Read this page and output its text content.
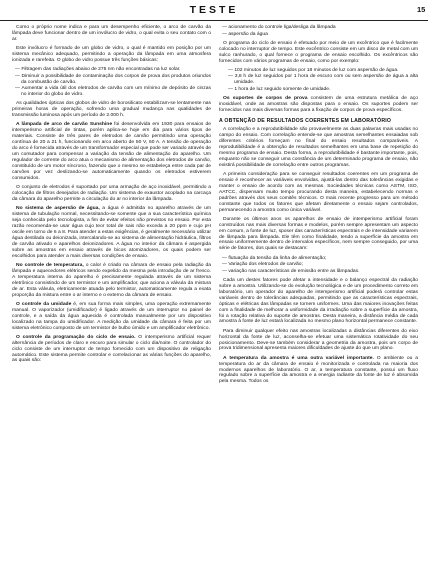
TESTE	15

Como o próprio nome indica e para um desempenho eficiente, o arco de carvão da lâmpada deve funcionar dentro de um invólucro de vidro, o qual evita o seu contato com o ar.

Este invólucro é formado de um globo de vidro, o qual é mantido em posição por um sistema mecânico adequado, permitindo a operação da lâmpada em uma atmosfera ionizada e rarefeita. O globo de vidro possue três funções básicas:

— Filtragem das radiações abaixo de 275 nm não encontradas na luz solar.
— Diminuir a possibilidade de contaminação dos corpos de prova dos produtos oriundos da combustão de carvão.
— Aumentar a vida útil dos eletrodos de carvão com um mínimo de depósito de cinzas no interior do globo de vidro.

As qualidades ópticas dos globos de vidro de borosilicato estabilizam-se lentamente nas primeiras horas de operação, sofrendo uma gradual mudança nas qualidades de transmissão luminosa após um período de 2.000 h.

A lâmpada de arco de carvão Sunshine foi desenvolvida em 1930 para ensaios de intemperismo artificial de tintas, porém aplica-se hoje em dia para vários tipos de materiais. Consiste de três pares de eletrodos de carvão permitindo uma operação contínua de 20 a 21 h, funcionando em arco aberto de 50 V, 60 A. A tensão de operação do arco é fornecida através de um transformador especial que pode ser variado através de um comutador para compensar a variação da tensão de alimentação do aparelho. Um regulador de corrente do arco atua o mecanismo de alimentação dos eletrodos de carvão, constituído de um motor síncrono, fazendo que o mesmo se estabeleça entre cada par de carvões por vez deslizando-se automaticamente quando os eletrodos estiverem consumidos.

O conjunto de eletrodos é suportado por uma armação de aço inoxidável, permitindo a colocação de filtros desejados de radiação. Um sistema de exaustor acoplado na carcaça da câmara do aparelho permite a circulação do ar no interior da lâmpada.

No sistema de aspersão de água, a água é admitida no aparelho através de um sistema de tubulação normal, necessitando-se somente que a sua característica química seja conhecida pelo tecnologista, a fim de evitar efeitos não previstos no ensaio. Por esta razão recomenda-se usar água cujo teor total de sais não exceda a 20 ppm e cujo pH oscile em torno de 6 a 8. Para atender a estas exigências, é geralmente necessário utilizar água destilada ou deionizada, intercalando-se ao sistema de alimentação hidráulica, filtros de carvão ativado e aparelhos deionizadores. A água no interior da câmara é aspergida sobre as amostras em ensaio através de bicos atomizadores, os quais podem ser escolhidos para atender a mais diversas condições de ensaio.

No controle de temperatura, o calor é criado na câmara de ensaio pela radiação da lâmpada e aquecedores elétricos sendo expelido da mesma pela introdução de ar fresco. A temperatura interna do aparelho é precisamente regulada através de um sistema eletrônico consistindo de um termistor e um amplificador, que aciona a válvula da mistura de ar. Esta válvula, eletricamente atuada pelo termistor, automaticamente regula a exata proporção da mistura entre o ar interno e o externo da câmara de ensaio.

O controle da umidade é, em sua forma mais simples, uma operação extremamente manual. O vaporizador (umidificador) é ligado através de um interruptor no painel de controle, e a saída da água aquecida é controlada manualmente por um dispositivo localizado na tampa do umidificador. A medição da umidade da câmara é feita por um sistema eletrônico composto de um termistor de bulbo úmido e um amplificador eletrônico.

O controle da programação do ciclo de ensaio. O intemperismo artificial requer alternância de períodos de claro e escuro para simular o ciclo dia/noite. O controlador do ciclo consiste de um interruptor de tempo fornecido com um dispositivo de religação automático. Este sistema permite controlar e correlacionar as várias funções do aparelho, as quais são:

— acionamento do controle liga/desliga da lâmpada
— aspersão da água

O programa do ciclo de ensaio é efetuado por meio de um excêntrico que é facilmente colocado no interruptor de tempo. Este excêntrico consiste em um disco de metal com um sulco ranhurado, o qual fornece o programa de ensaio escolhido. Os excêntricos são fornecidos com vários programas de ensaio, como por exemplo:

— 102 minutos de luz seguidos por 18 minutos de luz com aspersão de água.
— 3,8 h de luz seguidos por 1 hora de escuro com ou sem aspersão de água a alta umidade.
— 1 hora de luz seguido somente de umidade.

Os suportes de corpos de prova consistem de uma estrutura metálica de aço inoxidável, onde as amostras são dispostas para o ensaio. Os suportes podem ser fornecidos nas mais diversas formas para a fixação de corpos de prova específicos.

A OBTENÇÃO DE RESULTADOS COERENTES EM LABORATÓRIO

A correlação e a reprodutibilidade são provavelmente as duas palavras mais usadas no campo do ensaio. Com correlação entende-se que amostras semelhantes ensaiadas sob diferentes critérios forneçam no final do ensaio resultados comparáveis. A reprodutibilidade é a obtenção de resultados semelhantes em uma base de repetição do mesmo programa de ensaio. Desta forma, a reprodutibilidade é bastante importante, pois, enquanto não se conseguir uma constância de um determinado programa de ensaio, não existirá possibilidade de correlação entre outros programas.

A primeira consideração para se conseguir resultados coerentes em um programa de ensaio é reconhecer as variáveis envolvidas, ajustá-las dentro das tolerâncias exigidas e manter o ensaio de acordo com as mesmas. Sociedades técnicas como ASTM, ISO, AATCC, dispensam muito tempo procurando desta maneira, estabelecendo normas e padrões através dos seus comitês técnicos. O mais recente progresso para um método constante que todos os fatores que afetam diretamente o ensaio sejam controlados, permanecendo a amostra como única variável.

Durante os últimos anos os aparelhos de ensaio de intemperismo artificial foram construídos nas mais diversas formas e modelos, porém sempre apresentam um aspecto em comum, a fonte de luz, sposer das características espectrais e de intensidade variarem de lâmpada para lâmpada. Ele têm como finalidade, tendo a superfície da amostra em ensaio uniformemente dentro de intervalos específicos, nem sempre conseguido, por uma série de fatores, dos quais se destacam:

— flutuação da tensão da linha de alimentação;
— Variação dos eletrodos de carvão;
— variação nas características de emissão entre as lâmpadas.

Cada um destes fatores pode afetar a intensidade e o balanço espectral da radiação sobre a amostra. Utilizando-se do evolução tecnológica e de um procedimento correto em laboratório, um operador do aparelho de intemperismo artificial poderá controlar estas variáveis dentro de tolerâncias adequadas, permitindo que as características espectrais, ópticas e elétricas das lâmpadas se tornem uniformes. Uma das maiores inovações feitas com a finalidade de melhorar a uniformidade da irradiação sobre a superfície da amostra, foi a rotação relativa do suporte de amostras. Desta maneira, a distância média de cada amostra à fonte de luz estará localizada no mesmo plano horizontal permanece constante.

Para diminuir qualquer efeito nas amostras localizadas a distâncias diferentes do eixo horizontal da fonte de luz, aconselha-se efetuar uma sistemática rotatividade do seu posicionamento. Deve-se também considerar a geometria da amostra, pois um corpo de prova tridimensional apresenta maiores dificuldades de ajuste do que um plano.

A temperatura da amostra é uma outra variável importante. O ambiente ou a temperatura do ar da câmara de ensaio é monitorizada e controlada na maioria dos modernos aparelhos de laboratório. O ar, a temperatura constante, possui um fluxo regulado sobre a superfície da amostra e a energia radiante da fonte de luz é absorvida pela mesma. Todos os
